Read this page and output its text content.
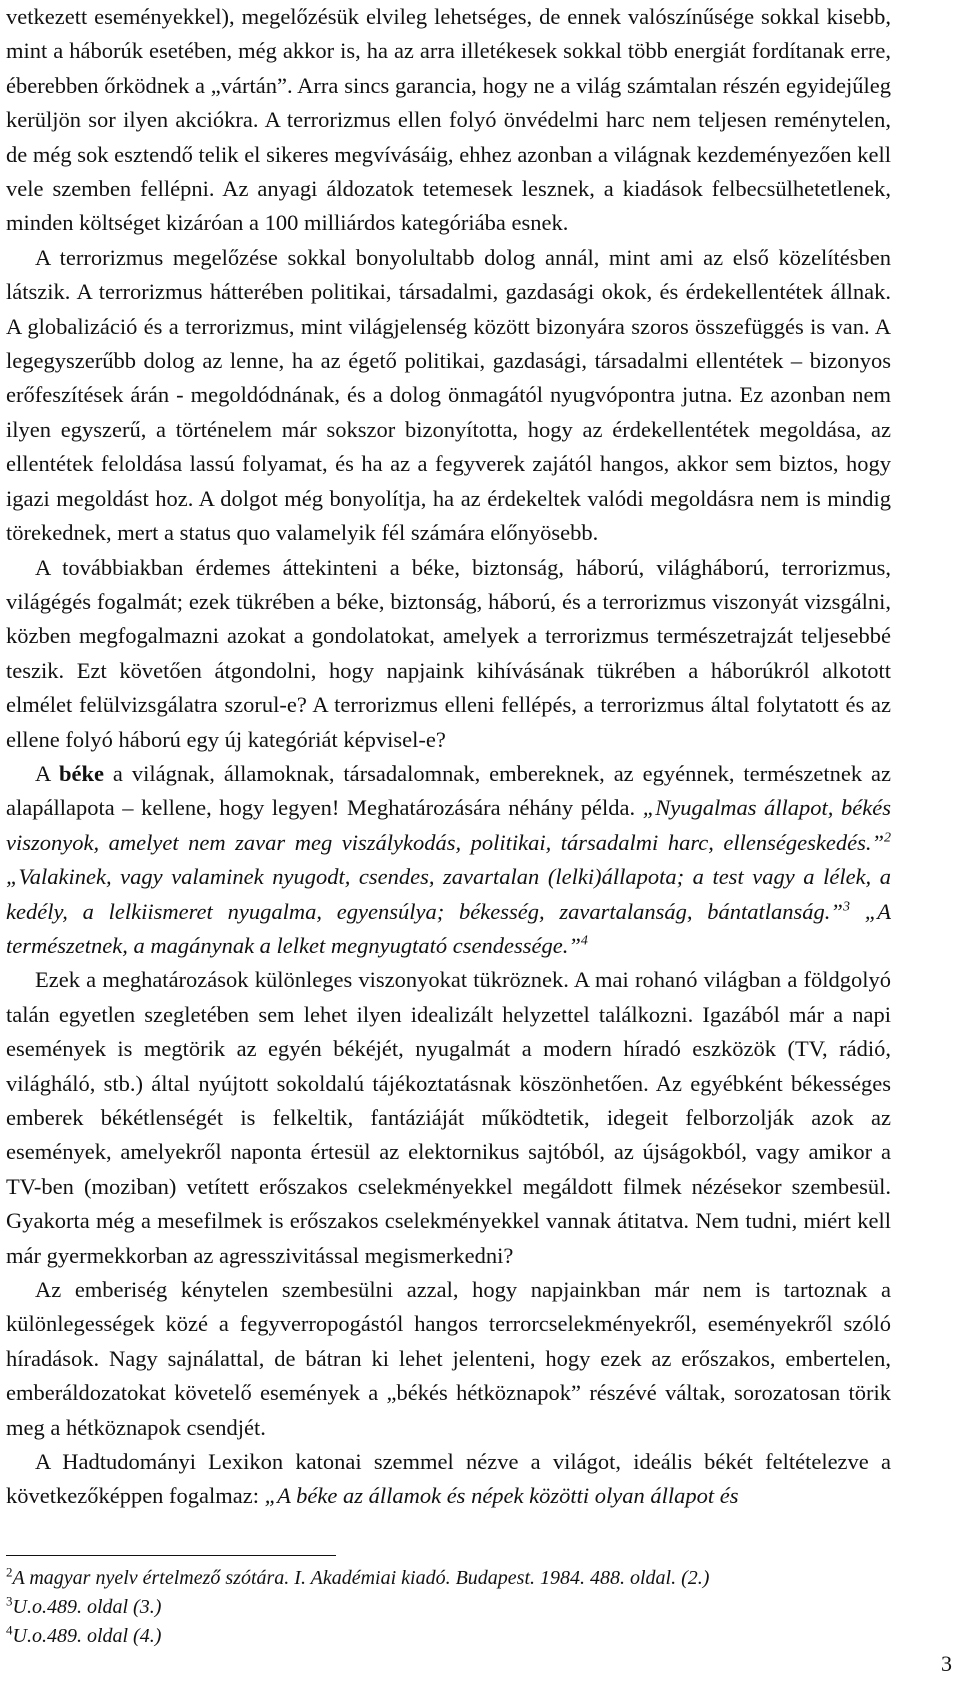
vetkezett eseményekkel), megelőzésük elvileg lehetséges, de ennek valószínűsége sokkal kisebb, mint a háborúk esetében, még akkor is, ha az arra illetékesek sokkal több energiát fordítanak erre, éberebben őrködnek a „vártán”. Arra sincs garancia, hogy ne a világ számtalan részén egyidejűleg kerüljön sor ilyen akciókra. A terrorizmus ellen folyó önvédelmi harc nem teljesen reménytelen, de még sok esztendő telik el sikeres megvívásáig, ehhez azonban a világnak kezdeményezően kell vele szemben fellépni. Az anyagi áldozatok tetemesek lesznek, a kiadások felbecsülhetetlenek, minden költséget kizáróan a 100 milliárdos kategóriába esnek.

A terrorizmus megelőzése sokkal bonyolultabb dolog annál, mint ami az első közelítésben látszik. A terrorizmus hátterében politikai, társadalmi, gazdasági okok, és érdekellentétek állnak. A globalizáció és a terrorizmus, mint világjelenség között bizonyára szoros összefüggés is van. A legegyszerűbb dolog az lenne, ha az égető politikai, gazdasági, társadalmi ellentétek – bizonyos erőfeszítések árán - megoldódnának, és a dolog önmagától nyugvópontra jutna. Ez azonban nem ilyen egyszerű, a történelem már sokszor bizonyította, hogy az érdekellentétek megoldása, az ellentétek feloldása lassú folyamat, és ha az a fegyverek zajától hangos, akkor sem biztos, hogy igazi megoldást hoz. A dolgot még bonyolítja, ha az érdekeltek valódi megoldásra nem is mindig törekednek, mert a status quo valamelyik fél számára előnyösebb.

A továbbiakban érdemes áttekinteni a béke, biztonság, háború, világháború, terrorizmus, világégés fogalmát; ezek tükrében a béke, biztonság, háború, és a terrorizmus viszonyát vizsgálni, közben megfogalmazni azokat a gondolatokat, amelyek a terrorizmus természetrajzát teljesebbé teszik. Ezt követően átgondolni, hogy napjaink kihívásának tükrében a háborúkról alkotott elmélet felülvizsgálatra szorul-e? A terrorizmus elleni fellépés, a terrorizmus által folytatott és az ellene folyó háború egy új kategóriát képvisel-e?

A béke a világnak, államoknak, társadalomnak, embereknek, az egyénnek, természetnek az alapállapota – kellene, hogy legyen! Meghatározására néhány példa. „Nyugalmas állapot, békés viszonyok, amelyet nem zavar meg viszálykodás, politikai, társadalmi harc, ellenségeskedés.”$^2$ „Valakinek, vagy valaminek nyugodt, csendes, zavartalan (lelki)állapota; a test vagy a lélek, a kedély, a lelkiismeret nyugalma, egyensúlya; békesség, zavartalanság, bántatlanság.”$^3$ „A természetnek, a magánynak a lelket megnyugtató csendessége.”$^4$

Ezek a meghatározások különleges viszonyokat tükröznek. A mai rohanó világban a földgolyó talán egyetlen szegletében sem lehet ilyen idealizált helyzettel találkozni. Igazából már a napi események is megtörik az egyén békéjét, nyugalmát a modern híradó eszközök (TV, rádió, világháló, stb.) által nyújtott sokoldalú tájékoztatásnak köszönhetően. Az egyébként békességes emberek békétlenségét is felkeltik, fantáziáját működtetik, idegeit felborzolják azok az események, amelyekről naponta értesül az elektornikus sajtóból, az újságokból, vagy amikor a TV-ben (moziban) vetített erőszakos cselekményekkel megáldott filmek nézésekor szembesül. Gyakorta még a mesefilmek is erőszakos cselekményekkel vannak átitatva. Nem tudni, miért kell már gyermekkorban az agresszivitással megismerkedni?

Az emberiség kénytelen szembesülni azzal, hogy napjainkban már nem is tartoznak a különlegességek közé a fegyverropogástól hangos terrorcselekményekről, eseményekről szóló híradások. Nagy sajnálattal, de bátran ki lehet jelenteni, hogy ezek az erőszakos, embertelen, emberáldozatokat követelő események a „békés hétköznapok” részévé váltak, sorozatosan törik meg a hétköznapok csendjét.

A Hadtudományi Lexikon katonai szemmel nézve a világot, ideális békét feltételezve a következőképpen fogalmaz: „A béke az államok és népek közötti olyan állapot és

$^2$A magyar nyelv értelmező szótára. I. Akadémiai kiadó. Budapest. 1984. 488. oldal. (2.)

$^3$U.o.489. oldal (3.)

$^4$U.o.489. oldal (4.)

3
